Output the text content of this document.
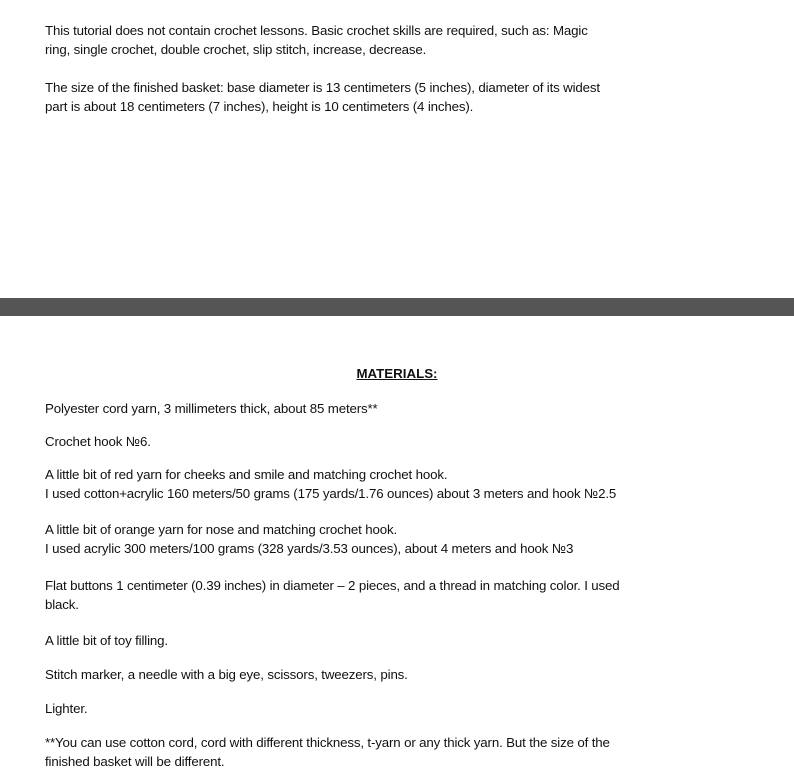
This tutorial does not contain crochet lessons. Basic crochet skills are required, such as: Magic
ring, single crochet, double crochet, slip stitch, increase, decrease.

The size of the finished basket: base diameter is 13 centimeters (5 inches), diameter of its widest
part is about 18 centimeters (7 inches), height is 10 centimeters (4 inches).

MATERIALS:

Polyester cord yarn, 3 millimeters thick, about 85 meters**

Crochet hook №6.

A little bit of red yarn for cheeks and smile and matching crochet hook.
I used cotton+acrylic 160 meters/50 grams (175 yards/1.76 ounces) about 3 meters and hook №2.5

A little bit of orange yarn for nose and matching crochet hook.
I used acrylic 300 meters/100 grams (328 yards/3.53 ounces), about 4 meters and hook №3

Flat buttons 1 centimeter (0.39 inches) in diameter – 2 pieces, and a thread in matching color. I used
black.

A little bit of toy filling.

Stitch marker, a needle with a big eye, scissors, tweezers, pins.

Lighter.

**You can use cotton cord, cord with different thickness, t-yarn or any thick yarn. But the size of the
finished basket will be different.
